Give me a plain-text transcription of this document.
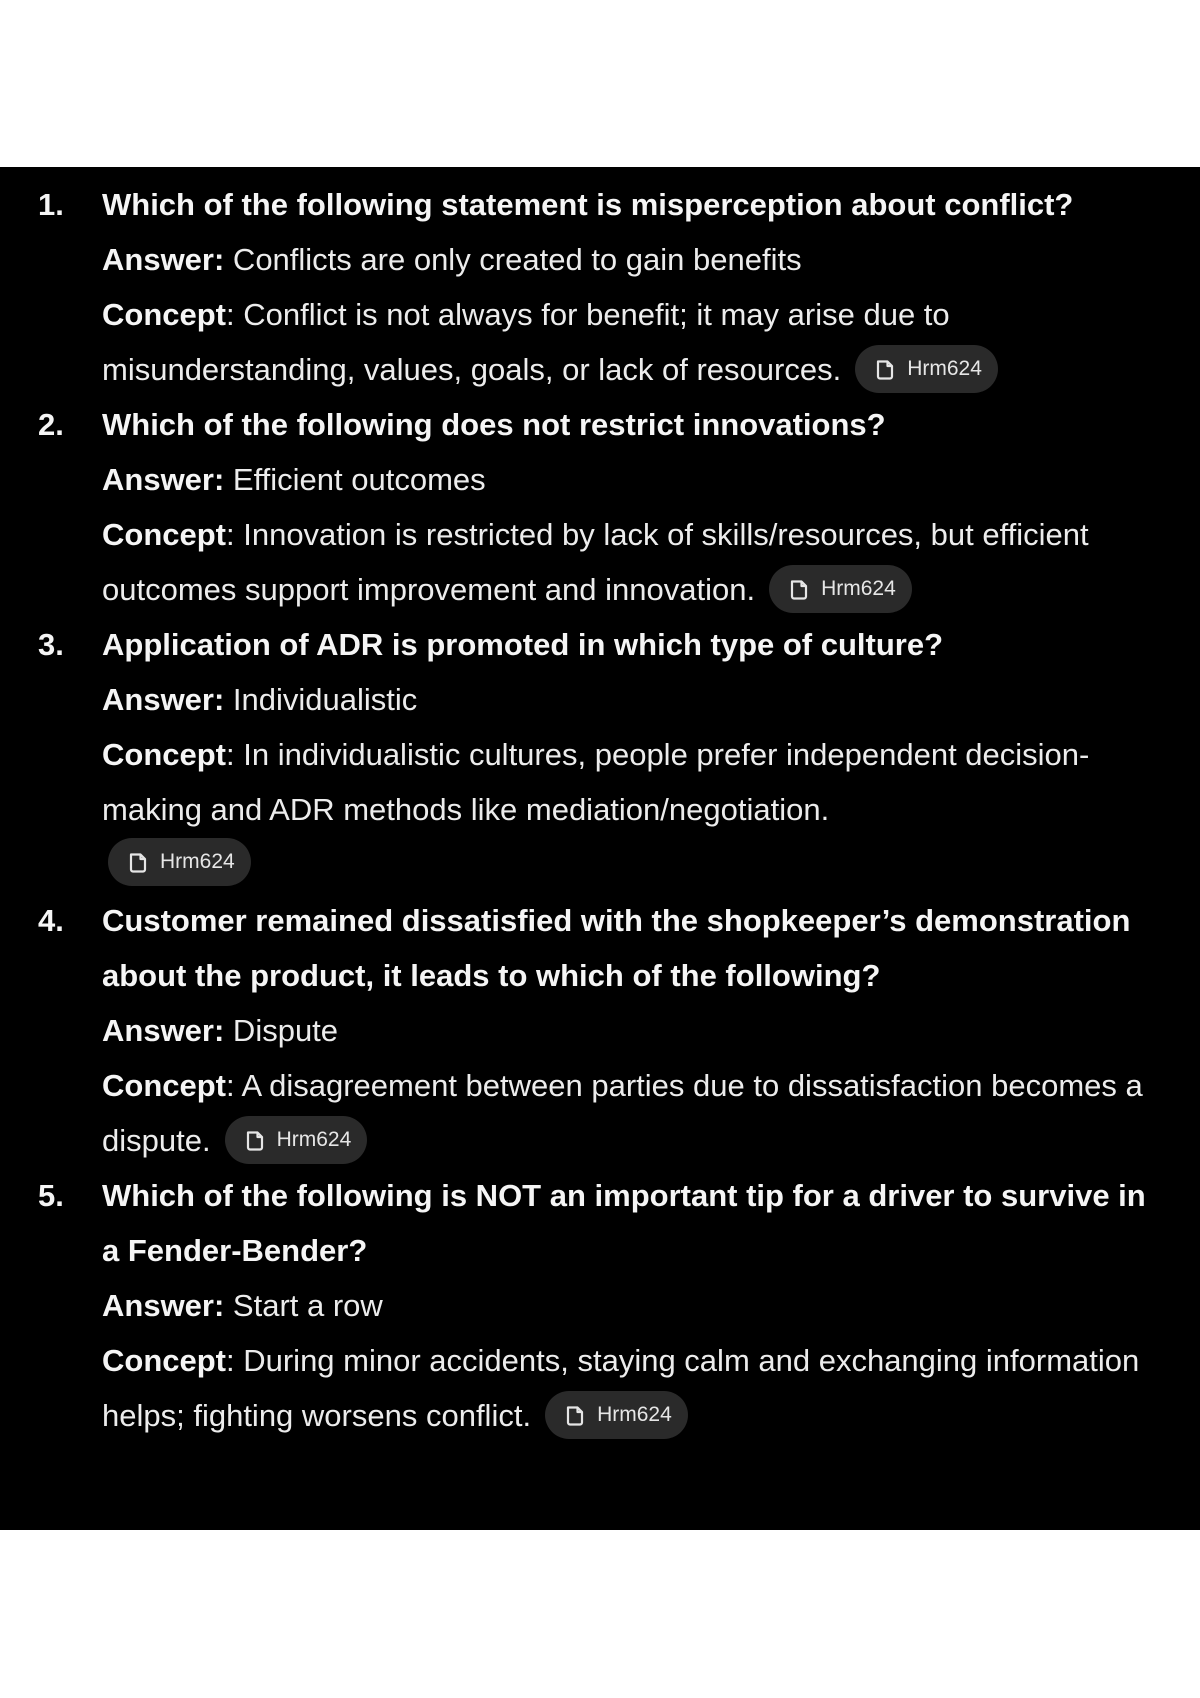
1.	Which of the following statement is misperception about conflict?

Answer: Conflicts are only created to gain benefits

Concept: Conflict is not always for benefit; it may arise due to misunderstanding, values, goals, or lack of resources.	Hrm624

2.	Which of the following does not restrict innovations?

Answer: Efficient outcomes

Concept: Innovation is restricted by lack of skills/resources, but efficient outcomes support improvement and innovation.	Hrm624

3.	Application of ADR is promoted in which type of culture?

Answer: Individualistic

Concept: In individualistic cultures, people prefer independent decision-making and ADR methods like mediation/negotiation.

Hrm624
4.	Customer remained dissatisfied with the shopkeeper’s demonstration about the product, it leads to which of the following?

Answer: Dispute

Concept: A disagreement between parties due to dissatisfaction becomes a dispute.	Hrm624

5.	Which of the following is NOT an important tip for a driver to survive in a Fender-Bender?

Answer: Start a row

Concept: During minor accidents, staying calm and exchanging information helps; fighting worsens conflict.	Hrm624
